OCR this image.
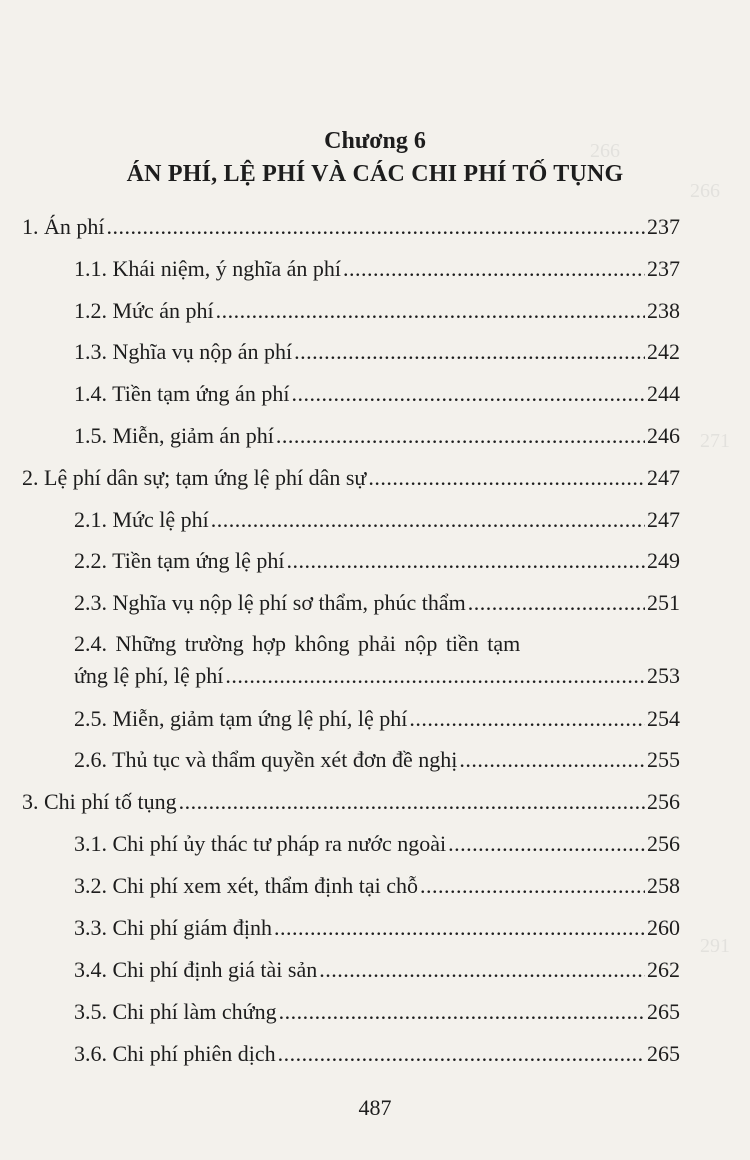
266
266
271
291
Chương 6
ÁN PHÍ, LỆ PHÍ VÀ CÁC CHI PHÍ TỐ TỤNG
1. Án phí .....	237
1.1. Khái niệm, ý nghĩa án phí .....	237
1.2. Mức án phí .....	238
1.3. Nghĩa vụ nộp án phí .....	242
1.4. Tiền tạm ứng án phí .....	244
1.5. Miễn, giảm án phí .....	246
2. Lệ phí dân sự; tạm ứng lệ phí dân sự .....	247
2.1. Mức lệ phí .....	247
2.2. Tiền tạm ứng lệ phí .....	249
2.3. Nghĩa vụ nộp lệ phí sơ thẩm, phúc thẩm .....	251
2.4. Những trường hợp không phải nộp tiền tạm
ứng lệ phí, lệ phí .....	253
2.5. Miễn, giảm tạm ứng lệ phí, lệ phí .....	254
2.6. Thủ tục và thẩm quyền xét đơn đề nghị .....	255
3. Chi phí tố tụng .....	256
3.1. Chi phí ủy thác tư pháp ra nước ngoài .....	256
3.2. Chi phí xem xét, thẩm định tại chỗ .....	258
3.3. Chi phí giám định .....	260
3.4. Chi phí định giá tài sản .....	262
3.5. Chi phí làm chứng .....	265
3.6. Chi phí phiên dịch .....	265
487
